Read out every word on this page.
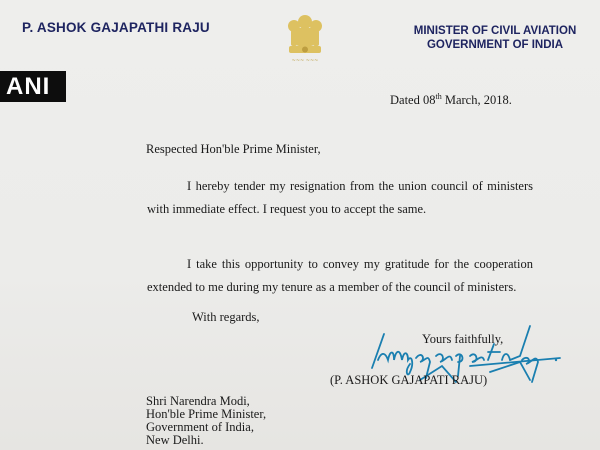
P. ASHOK GAJAPATHI RAJU
~~~ ~~~
MINISTER OF CIVIL AVIATION
GOVERNMENT OF INDIA
ANI
Dated 08th March, 2018.
Respected Hon'ble Prime Minister,
I hereby tender my resignation from the union council of ministers with immediate effect. I request you to accept the same.
I take this opportunity to convey my gratitude for the cooperation extended to me during my tenure as a member of the council of ministers.
With regards,
Yours faithfully,
(P. ASHOK GAJAPATI RAJU)
Shri Narendra Modi,
Hon'ble Prime Minister,
Government of India,
New Delhi.
